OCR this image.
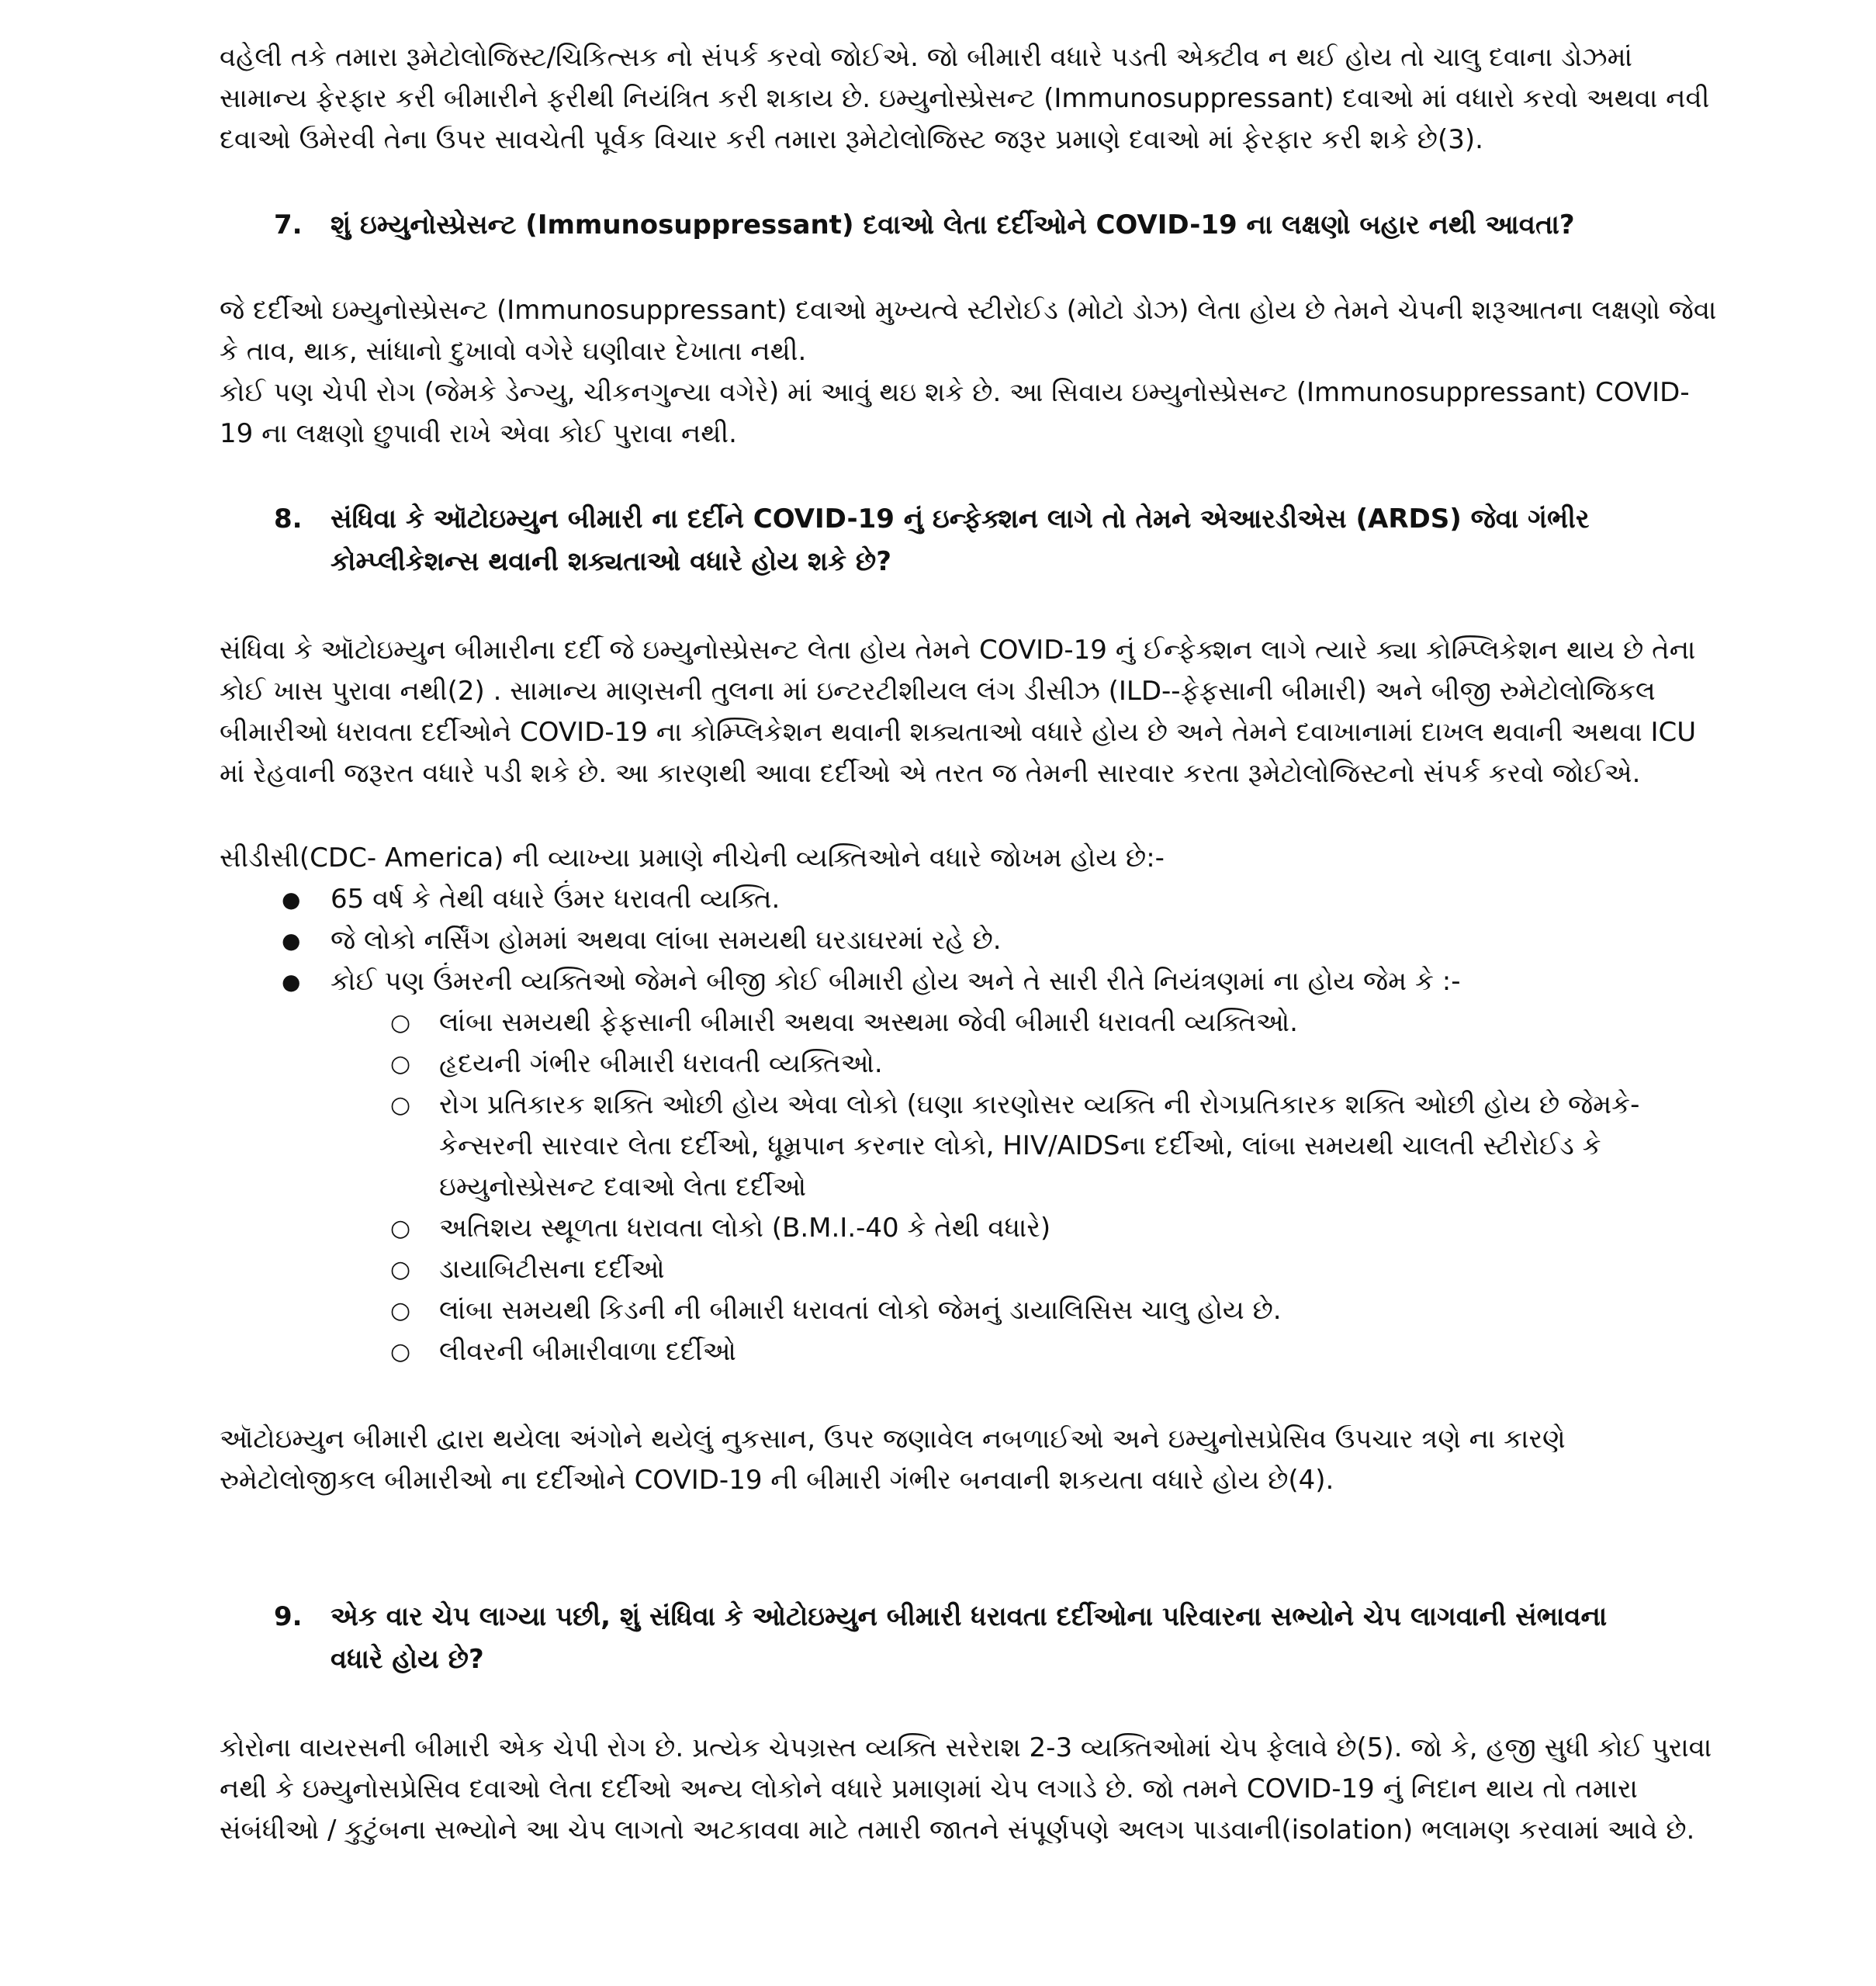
વહેલી તકે તમારા રૂમેટોલોજિસ્ટ/ચિકિત્સક નો સંપર્ક કરવો જોઈએ. જો બીમારી વધારે પડતી એક્ટીવ ન થઈ હોય તો ચાલુ દવાના ડોઝમાં સામાન્ય ફેરફાર કરી બીમારીને ફરીથી નિયંત્રિત કરી શકાય છે. ઇમ્યુનોસ્પ્રેસન્ટ (Immunosuppressant) દવાઓ માં વધારો કરવો અથવા નવી દવાઓ ઉમેરવી તેના ઉપર સાવચેતી પૂર્વક વિચાર કરી તમારા રૂમેટોલોજિસ્ટ જરૂર પ્રમાણે દવાઓ માં ફેરફાર કરી શકે છે(3).

7.	શું ઇમ્યુનોસ્પ્રેસન્ટ (Immunosuppressant) દવાઓ લેતા દર્દીઓને COVID-19 ના લક્ષણો બહાર નથી આવતા?

જે દર્દીઓ ઇમ્યુનોસ્પ્રેસન્ટ (Immunosuppressant) દવાઓ મુખ્યત્વે સ્ટીરોઈડ (મોટો ડોઝ) લેતા હોય છે તેમને ચેપની શરૂઆતના લક્ષણો જેવા કે તાવ, થાક, સાંધાનો દુખાવો વગેરે ઘણીવાર દેખાતા નથી.

કોઈ પણ ચેપી રોગ (જેમકે ડેન્ગ્યુ, ચીકનગુન્યા વગેરે) માં આવું થઇ શકે છે. આ સિવાય ઇમ્યુનોસ્પ્રેસન્ટ (Immunosuppressant) COVID-19 ના લક્ષણો છુપાવી રાખે એવા કોઈ પુરાવા નથી.

8.	સંધિવા કે ઑટોઇમ્યુન બીમારી ના દર્દીને COVID-19 નું ઇન્ફેક્શન લાગે તો તેમને એઆરડીએસ (ARDS) જેવા ગંભીર કોમ્પ્લીકેશન્સ થવાની શક્યતાઓ વધારે હોય શકે છે?

સંધિવા કે ઑટોઇમ્યુન બીમારીના દર્દી જે ઇમ્યુનોસ્પ્રેસન્ટ લેતા હોય તેમને COVID-19 નું ઈન્ફેક્શન લાગે ત્યારે ક્યા કોમ્પ્લિકેશન થાય છે તેના કોઈ ખાસ પુરાવા નથી(2) . સામાન્ય માણસની તુલના માં ઇન્ટરટીશીયલ લંગ ડીસીઝ (ILD--ફેફસાની બીમારી) અને બીજી રુમેટોલોજિકલ બીમારીઓ ધરાવતા દર્દીઓને COVID-19 ના કોમ્પ્લિકેશન થવાની શક્યતાઓ વધારે હોય છે અને તેમને દવાખાનામાં દાખલ થવાની અથવા ICU માં રેહવાની જરૂરત વધારે પડી શકે છે. આ કારણથી આવા દર્દીઓ એ તરત જ તેમની સારવાર કરતા રૂમેટોલોજિસ્ટનો સંપર્ક કરવો જોઈએ.

સીડીસી(CDC- America) ની વ્યાખ્યા પ્રમાણે નીચેની વ્યક્તિઓને વધારે જોખમ હોય છે:-

● 65 વર્ષ કે તેથી વધારે ઉંમર ધરાવતી વ્યક્તિ.
● જે લોકો નર્સિંગ હોમમાં અથવા લાંબા સમયથી ઘરડાઘરમાં રહે છે.
● કોઈ પણ ઉંમરની વ્યક્તિઓ જેમને બીજી કોઈ બીમારી હોય અને તે સારી રીતે નિયંત્રણમાં ના હોય જેમ કે :-
○ લાંબા સમયથી ફેફસાની બીમારી અથવા અસ્થમા જેવી બીમારી ધરાવતી વ્યક્તિઓ.
○ હૃદયની ગંભીર બીમારી ધરાવતી વ્યક્તિઓ.
○ રોગ પ્રતિકારક શક્તિ ઓછી હોય એવા લોકો (ઘણા કારણોસર વ્યક્તિ ની રોગપ્રતિકારક શક્તિ ઓછી હોય છે જેમકે- કેન્સરની સારવાર લેતા દર્દીઓ, ધૂમ્રપાન કરનાર લોકો, HIV/AIDSના દર્દીઓ, લાંબા સમયથી ચાલતી સ્ટીરોઈડ કે ઇમ્યુનોસ્પ્રેસન્ટ દવાઓ લેતા દર્દીઓ
○ અતિશય સ્થૂળતા ધરાવતા લોકો (B.M.I.-40 કે તેથી વધારે)
○ ડાયાબિટીસના દર્દીઓ
○ લાંબા સમયથી કિડની ની બીમારી ધરાવતાં લોકો જેમનું ડાયાલિસિસ ચાલુ હોય છે.
○ લીવરની બીમારીવાળા દર્દીઓ

ઑટોઇમ્યુન બીમારી દ્વારા થયેલા અંગોને થયેલું નુકસાન, ઉપર જણાવેલ નબળાઈઓ અને ઇમ્યુનોસપ્રેસિવ ઉપચાર ત્રણે ના કારણે રુમેટોલોજીકલ બીમારીઓ ના દર્દીઓને COVID-19 ની બીમારી ગંભીર બનવાની શકયતા વધારે હોય છે(4).

9.	એક વાર ચેપ લાગ્યા પછી, શું સંધિવા કે ઓટોઇમ્યુન બીમારી ધરાવતા દર્દીઓના પરિવારના સભ્યોને ચેપ લાગવાની સંભાવના વધારે હોય છે?

કોરોના વાયરસની બીમારી એક ચેપી રોગ છે. પ્રત્યેક ચેપગ્રસ્ત વ્યક્તિ સરેરાશ 2-3 વ્યક્તિઓમાં ચેપ ફેલાવે છે(5). જો કે, હજી સુધી કોઈ પુરાવા નથી કે ઇમ્યુનોસપ્રેસિવ દવાઓ લેતા દર્દીઓ અન્ય લોકોને વધારે પ્રમાણમાં ચેપ લગાડે છે. જો તમને COVID-19 નું નિદાન થાય તો તમારા સંબંધીઓ / કુટુંબના સભ્યોને આ ચેપ લાગતો અટકાવવા માટે તમારી જાતને સંપૂર્ણપણે અલગ પાડવાની(isolation) ભલામણ કરવામાં આવે છે.
